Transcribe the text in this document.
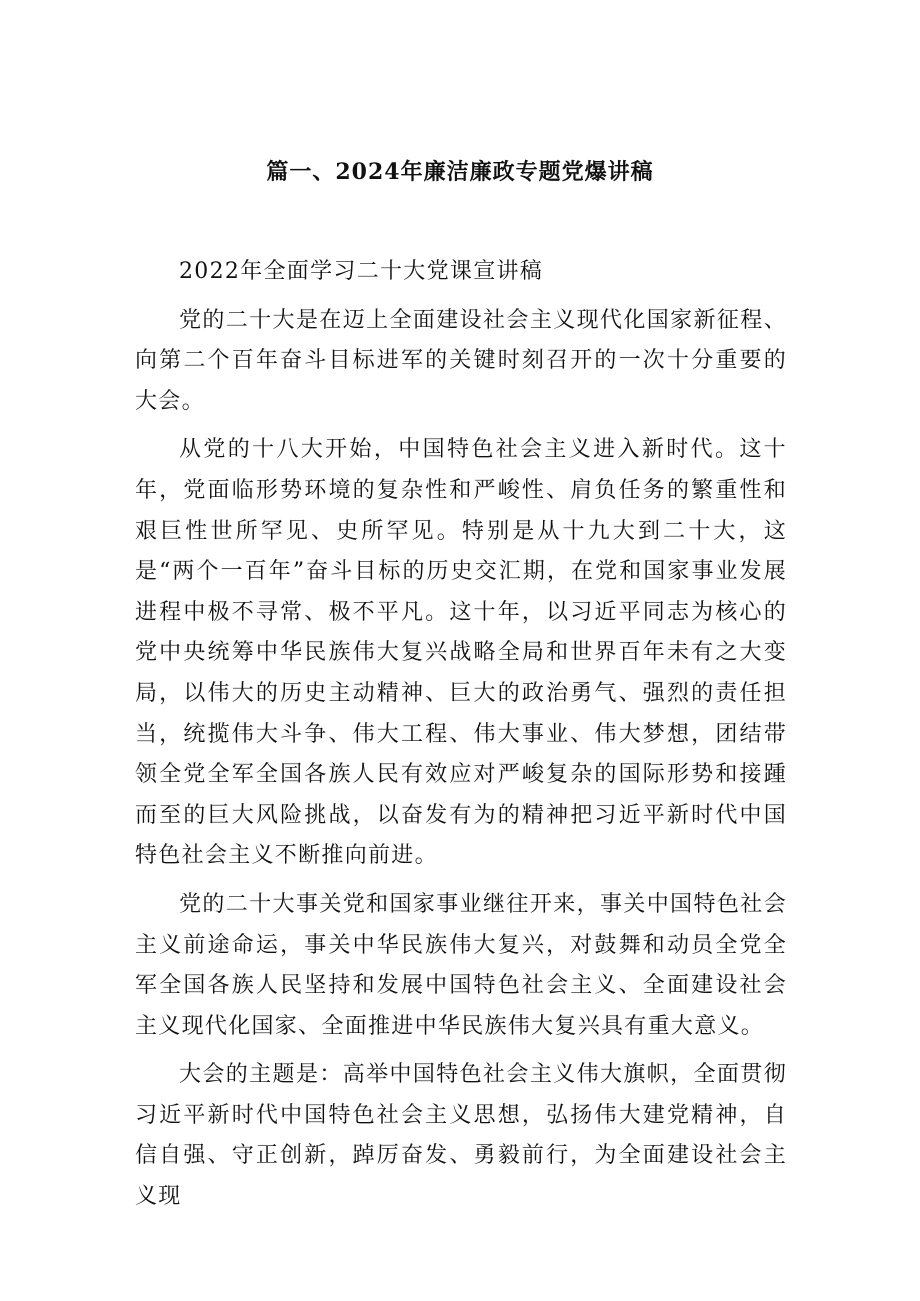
篇一、2024年廉洁廉政专题党爆讲稿

2022年全面学习二十大党课宣讲稿

党的二十大是在迈上全面建设社会主义现代化国家新征程、向第二个百年奋斗目标进军的关键时刻召开的一次十分重要的大会。

从党的十八大开始，中国特色社会主义进入新时代。这十年，党面临形势环境的复杂性和严峻性、肩负任务的繁重性和艰巨性世所罕见、史所罕见。特别是从十九大到二十大，这是“两个一百年”奋斗目标的历史交汇期，在党和国家事业发展进程中极不寻常、极不平凡。这十年，以习近平同志为核心的党中央统筹中华民族伟大复兴战略全局和世界百年未有之大变局，以伟大的历史主动精神、巨大的政治勇气、强烈的责任担当，统揽伟大斗争、伟大工程、伟大事业、伟大梦想，团结带领全党全军全国各族人民有效应对严峻复杂的国际形势和接踵而至的巨大风险挑战，以奋发有为的精神把习近平新时代中国特色社会主义不断推向前进。

党的二十大事关党和国家事业继往开来，事关中国特色社会主义前途命运，事关中华民族伟大复兴，对鼓舞和动员全党全军全国各族人民坚持和发展中国特色社会主义、全面建设社会主义现代化国家、全面推进中华民族伟大复兴具有重大意义。

大会的主题是：高举中国特色社会主义伟大旗帜，全面贯彻习近平新时代中国特色社会主义思想，弘扬伟大建党精神，自信自强、守正创新，踔厉奋发、勇毅前行，为全面建设社会主义现
